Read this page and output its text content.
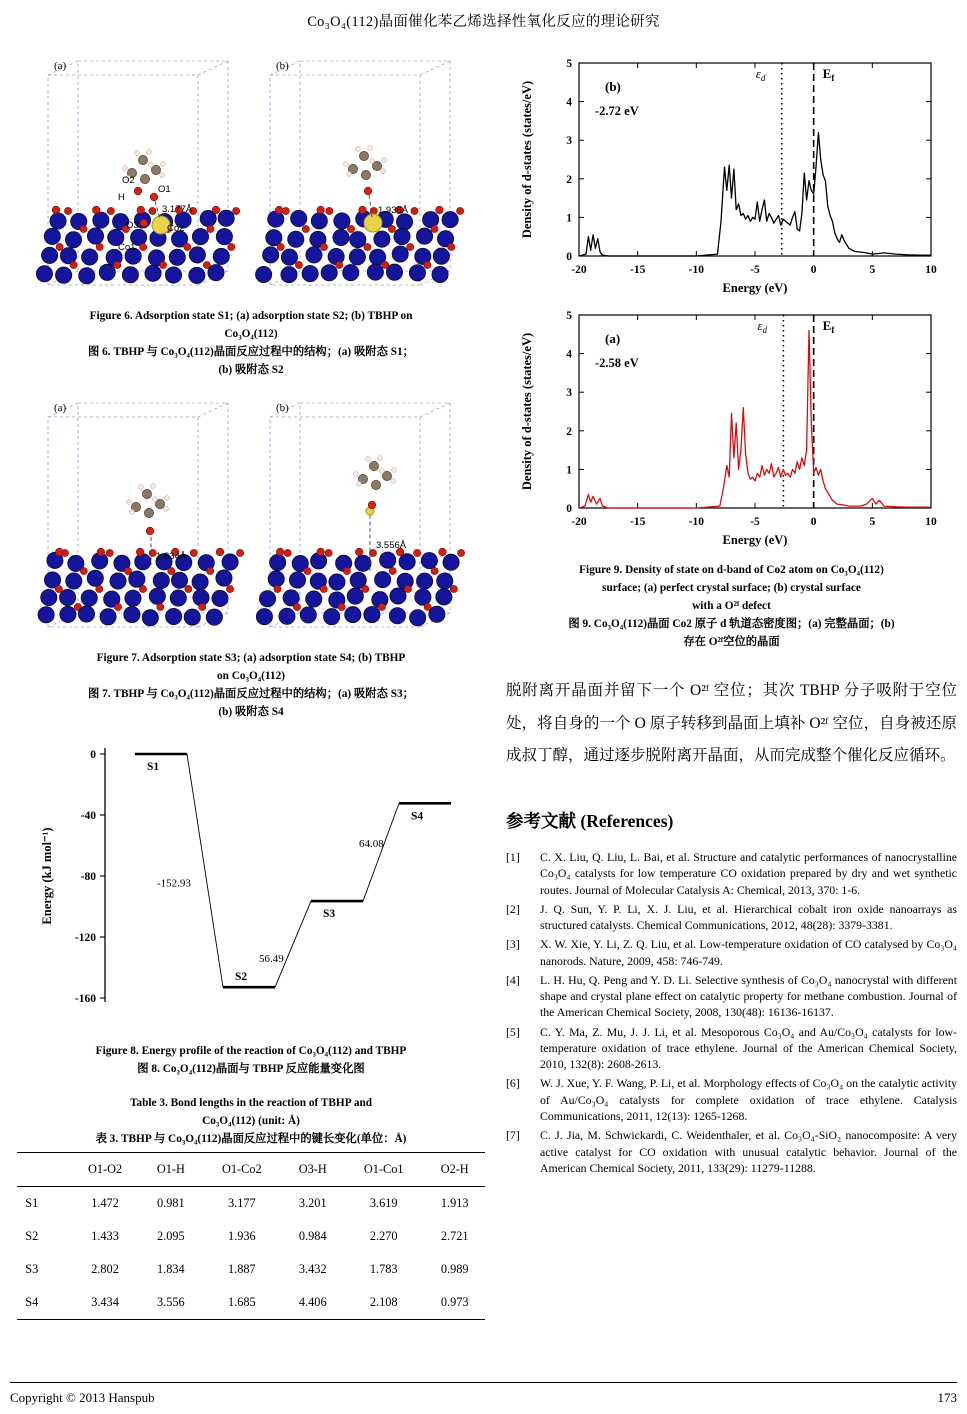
Co₃O₄(112)晶面催化苯乙烯选择性氧化反应的理论研究
(a)
O2
O1
H
3.177Å
O3	Co2
Co1
(b)
1.936Å
Figure 6. Adsorption state S1; (a) adsorption state S2; (b) TBHP on
Co₃O₄(112)
图 6. TBHP 与 Co₃O₄(112)晶面反应过程中的结构；(a) 吸附态 S1；
(b) 吸附态 S2
(a)
1.834Å
(b)
3.556Å
Figure 7. Adsorption state S3; (a) adsorption state S4; (b) TBHP
on Co₃O₄(112)
图 7. TBHP 与 Co₃O₄(112)晶面反应过程中的结构；(a) 吸附态 S3；
(b) 吸附态 S4
0
-40
-80
-120
-160
Energy (kJ mol⁻¹)
S1
S2
S3
S4
-152.93
56.49
64.08
Figure 8. Energy profile of the reaction of Co₃O₄(112) and TBHP
图 8. Co₃O₄(112)晶面与 TBHP 反应能量变化图
Table 3. Bond lengths in the reaction of TBHP and
Co₃O₄(112) (unit: Å)
表 3. TBHP 与 Co₃O₄(112)晶面反应过程中的键长变化(单位：Å)
	O1-O2	O1-H	O1-Co2	O3-H	O1-Co1	O2-H
S1	1.472	0.981	3.177	3.201	3.619	1.913
S2	1.433	2.095	1.936	0.984	2.270	2.721
S3	2.802	1.834	1.887	3.432	1.783	0.989
S4	3.434	3.556	1.685	4.406	2.108	0.973
-20	-15	-10	-5	0	5	10
0
1
2
3
4
5
Energy (eV)
Density of d-states (states/eV)	(b)
-2.72 eV
εd	Ef
-20	-15	-10	-5	0	5	10
0
1
2
3
4
5
Energy (eV)
Density of d-states (states/eV)	(a)
-2.58 eV
εd	Ef
Figure 9. Density of state on d-band of Co2 atom on Co₃O₄(112)
surface; (a) perfect crystal surface; (b) crystal surface
with a O²ᶠ defect
图 9. Co₃O₄(112)晶面 Co2 原子 d 轨道态密度图；(a) 完整晶面；(b)
存在 O²ᶠ空位的晶面
脱附离开晶面并留下一个 O²ᶠ 空位；其次 TBHP 分子吸附于空位处，将自身的一个 O 原子转移到晶面上填补 O²ᶠ 空位，自身被还原成叔丁醇，通过逐步脱附离开晶面，从而完成整个催化反应循环。
参考文献 (References)
[1]	C. X. Liu, Q. Liu, L. Bai, et al. Structure and catalytic performances of nanocrystalline Co₃O₄ catalysts for low temperature CO oxidation prepared by dry and wet synthetic routes. Journal of Molecular Catalysis A: Chemical, 2013, 370: 1-6.
[2]	J. Q. Sun, Y. P. Li, X. J. Liu, et al. Hierarchical cobalt iron oxide nanoarrays as structured catalysts. Chemical Communications, 2012, 48(28): 3379-3381.
[3]	X. W. Xie, Y. Li, Z. Q. Liu, et al. Low-temperature oxidation of CO catalysed by Co₃O₄ nanorods. Nature, 2009, 458: 746-749.
[4]	L. H. Hu, Q. Peng and Y. D. Li. Selective synthesis of Co₃O₄ nanocrystal with different shape and crystal plane effect on catalytic property for methane combustion. Journal of the American Chemical Society, 2008, 130(48): 16136-16137.
[5]	C. Y. Ma, Z. Mu, J. J. Li, et al. Mesoporous Co₃O₄ and Au/Co₃O₄ catalysts for low-temperature oxidation of trace ethylene. Journal of the American Chemical Society, 2010, 132(8): 2608-2613.
[6]	W. J. Xue, Y. F. Wang, P. Li, et al. Morphology effects of Co₃O₄ on the catalytic activity of Au/Co₃O₄ catalysts for complete oxidation of trace ethylene. Catalysis Communications, 2011, 12(13): 1265-1268.
[7]	C. J. Jia, M. Schwickardi, C. Weidenthaler, et al. Co₃O₄-SiO₂ nanocomposite: A very active catalyst for CO oxidation with unusual catalytic behavior. Journal of the American Chemical Society, 2011, 133(29): 11279-11288.
Copyright © 2013 Hanspub	173
